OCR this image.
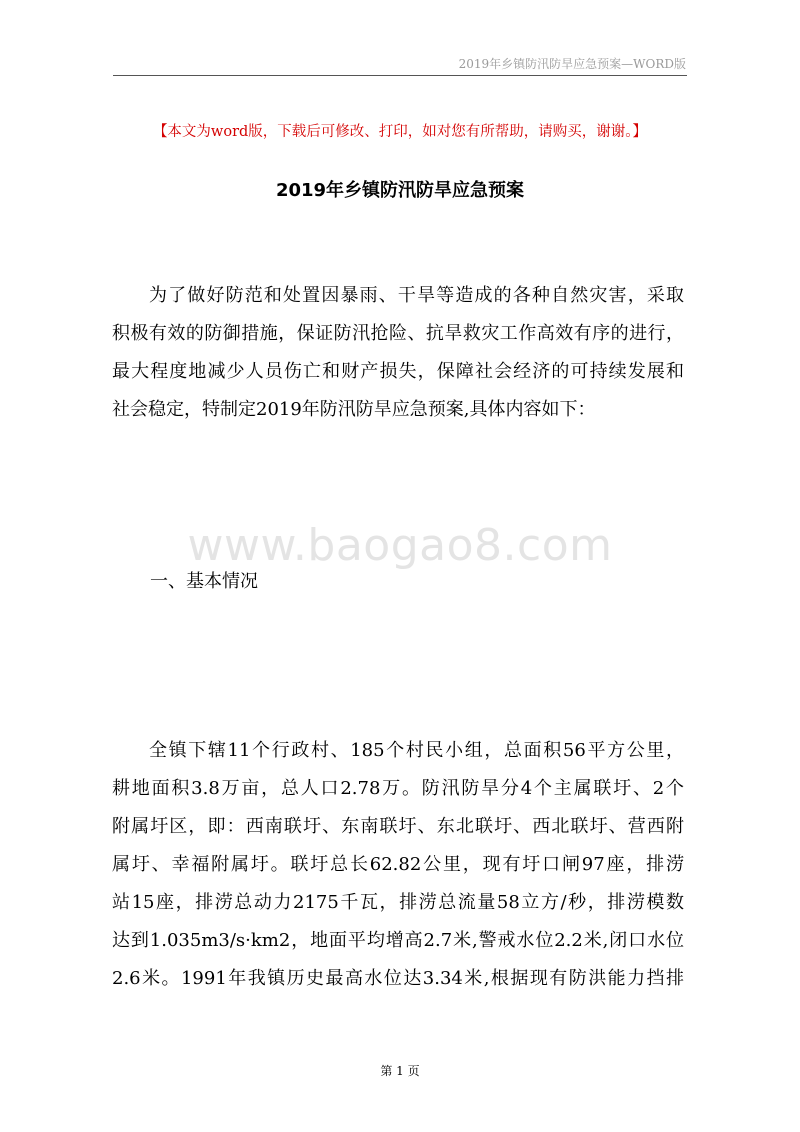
2019年乡镇防汛防旱应急预案—WORD版
【本文为word版，下载后可修改、打印，如对您有所帮助，请购买，谢谢。】
2019年乡镇防汛防旱应急预案
为了做好防范和处置因暴雨、干旱等造成的各种自然灾害，采取
积极有效的防御措施，保证防汛抢险、抗旱救灾工作高效有序的进行，
最大程度地减少人员伤亡和财产损失，保障社会经济的可持续发展和
社会稳定，特制定2019年防汛防旱应急预案,具体内容如下：
www.baogao8.com
一、基本情况
全镇下辖11个行政村、185个村民小组，总面积56平方公里，
耕地面积3.8万亩，总人口2.78万。防汛防旱分4个主属联圩、2个
附属圩区，即：西南联圩、东南联圩、东北联圩、西北联圩、营西附
属圩、幸福附属圩。联圩总长62.82公里，现有圩口闸97座，排涝
站15座，排涝总动力2175千瓦，排涝总流量58立方/秒，排涝模数
达到1.035m3/s·km2，地面平均增高2.7米,警戒水位2.2米,闭口水位
2.6米。1991年我镇历史最高水位达3.34米,根据现有防洪能力挡排
第 1 页
